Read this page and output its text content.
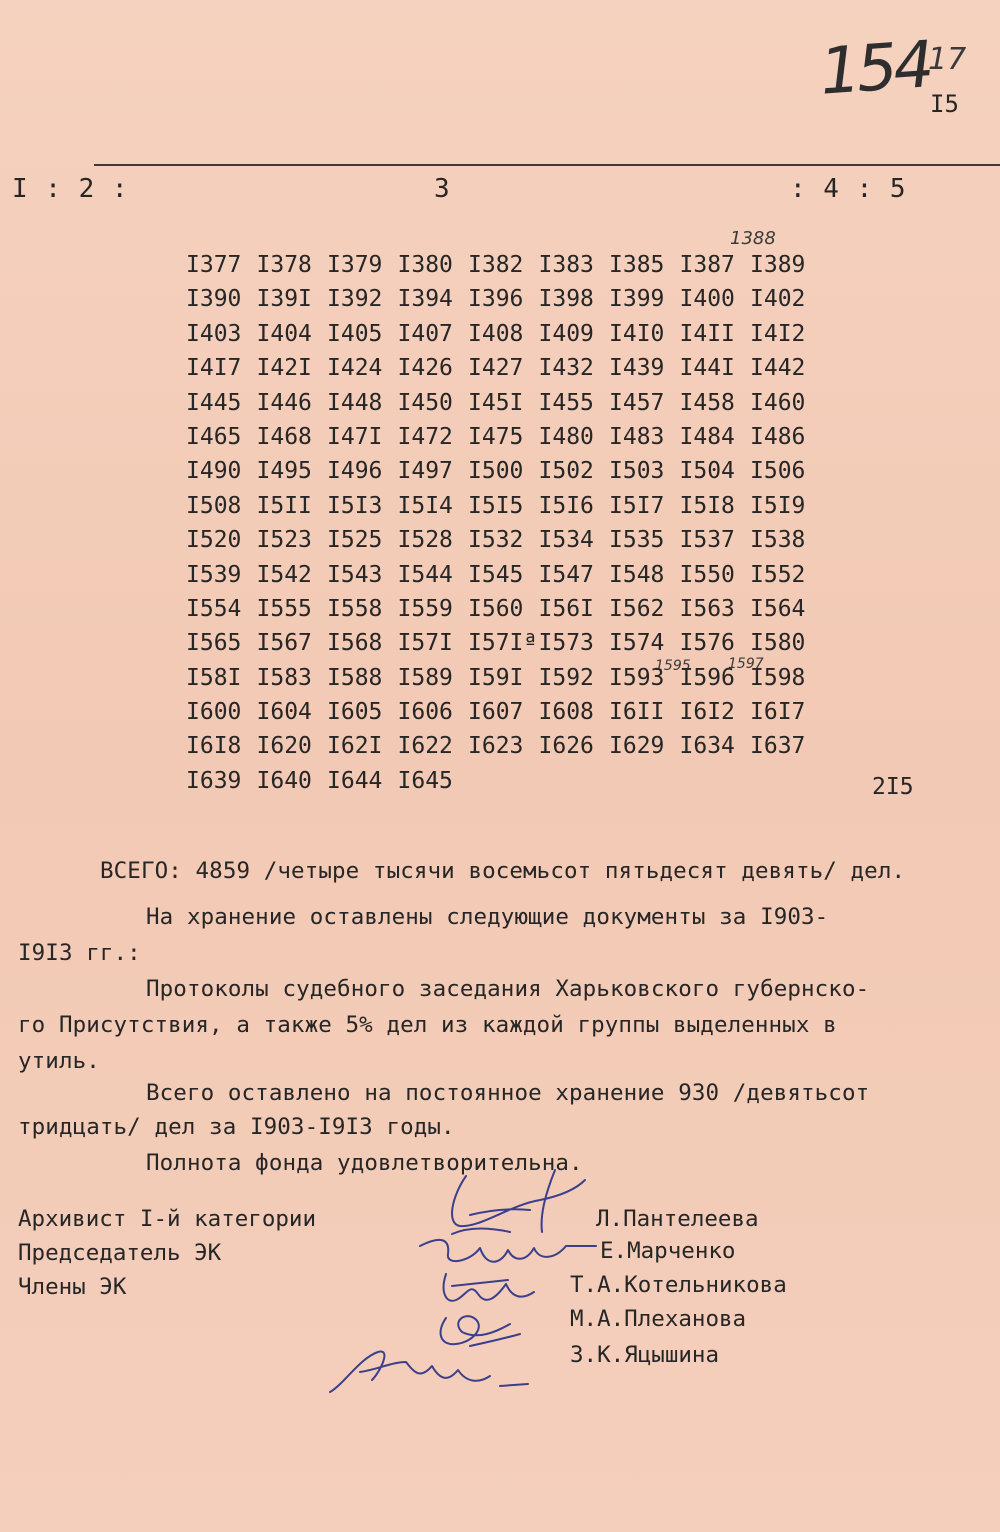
154
17
I5
I : 2 :	3	: 4 : 5
1388
1595	1597
I377 I378 I379 I380 I382 I383 I385 I387 I389
I390 I39I I392 I394 I396 I398 I399 I400 I402
I403 I404 I405 I407 I408 I409 I4I0 I4II I4I2
I4I7 I42I I424 I426 I427 I432 I439 I44I I442
I445 I446 I448 I450 I45I I455 I457 I458 I460
I465 I468 I47I I472 I475 I480 I483 I484 I486
I490 I495 I496 I497 I500 I502 I503 I504 I506
I508 I5II I5I3 I5I4 I5I5 I5I6 I5I7 I5I8 I5I9
I520 I523 I525 I528 I532 I534 I535 I537 I538
I539 I542 I543 I544 I545 I547 I548 I550 I552
I554 I555 I558 I559 I560 I56I I562 I563 I564
I565 I567 I568 I57I I57Iª I573 I574 I576 I580
I58I I583 I588 I589 I59I I592 I593 I596 I598
I600 I604 I605 I606 I607 I608 I6II I6I2 I6I7
I6I8 I620 I62I I622 I623 I626 I629 I634 I637
I639 I640 I644 I645	2I5
ВСЕГО: 4859 /четыре тысячи восемьсот пятьдесят девять/ дел.
На хранение оставлены следующие документы за I903-
I9I3 гг.:
Протоколы судебного заседания Харьковского губернско-
го Присутствия, а также 5% дел из каждой группы выделенных в
утиль.
Всего оставлено на постоянное хранение 930 /девятьсот
тридцать/ дел за I903-I9I3 годы.
Полнота фонда удовлетворительна.
Архивист I-й категории
Председатель ЭК
Члены ЭК
Л.Пантелеева
Е.Марченко
Т.А.Котельникова
М.А.Плеханова
З.К.Яцышина
